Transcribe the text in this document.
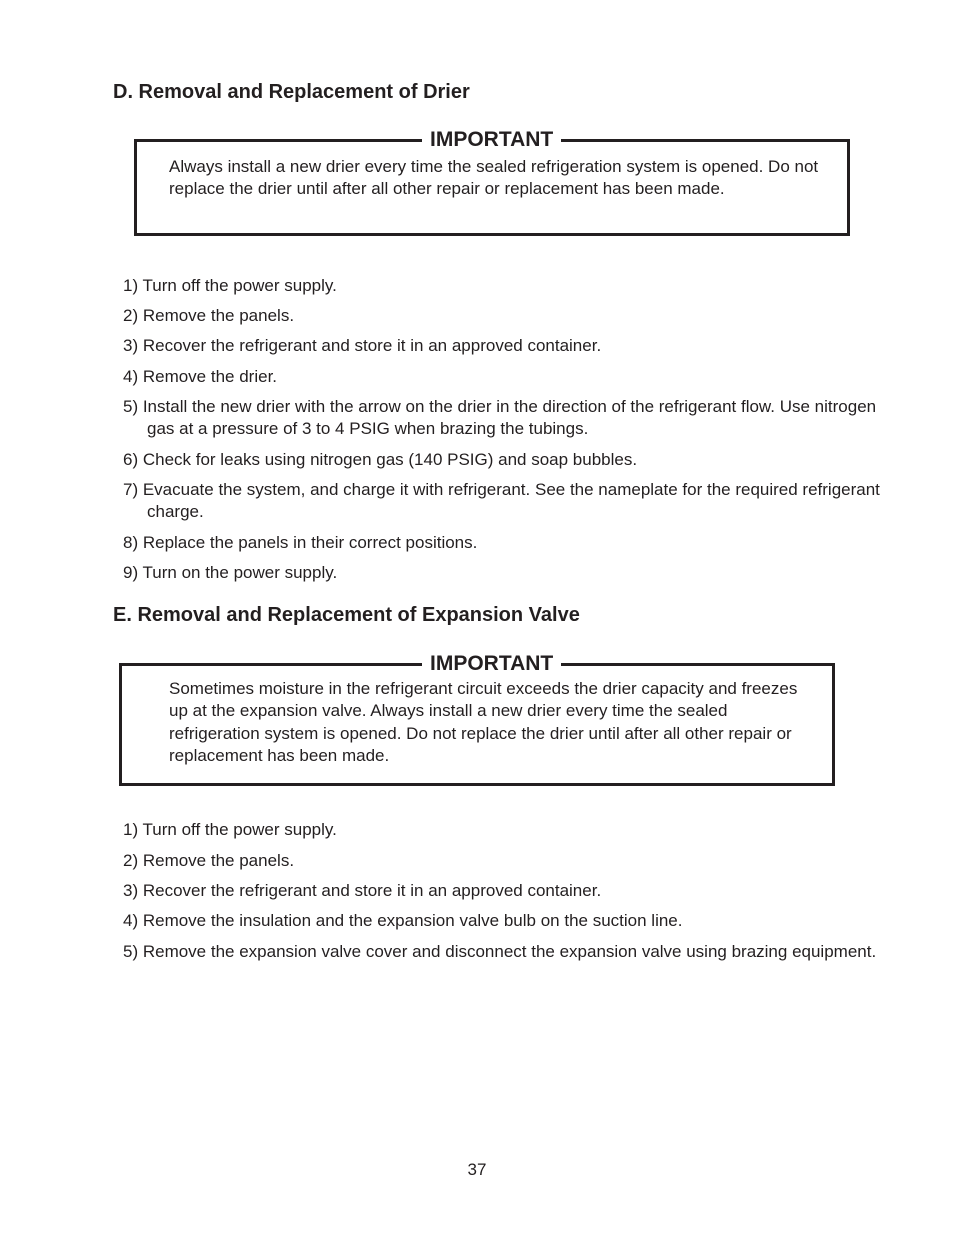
D. Removal and Replacement of Drier
IMPORTANT

Always install a new drier every time the sealed refrigeration system is opened. Do not replace the drier until after all other repair or replacement has been made.

1) Turn off the power supply.
2) Remove the panels.
3) Recover the refrigerant and store it in an approved container.
4) Remove the drier.
5) Install the new drier with the arrow on the drier in the direction of the refrigerant flow. Use nitrogen gas at a pressure of 3 to 4 PSIG when brazing the tubings.
6) Check for leaks using nitrogen gas (140 PSIG) and soap bubbles.
7) Evacuate the system, and charge it with refrigerant. See the nameplate for the required refrigerant charge.
8) Replace the panels in their correct positions.
9) Turn on the power supply.
E. Removal and Replacement of Expansion Valve
IMPORTANT

Sometimes moisture in the refrigerant circuit exceeds the drier capacity and freezes up at the expansion valve. Always install a new drier every time the sealed refrigeration system is opened. Do not replace the drier until after all other repair or replacement has been made.

1) Turn off the power supply.
2) Remove the panels.
3) Recover the refrigerant and store it in an approved container.
4) Remove the insulation and the expansion valve bulb on the suction line.
5) Remove the expansion valve cover and disconnect the expansion valve using brazing equipment.
37
